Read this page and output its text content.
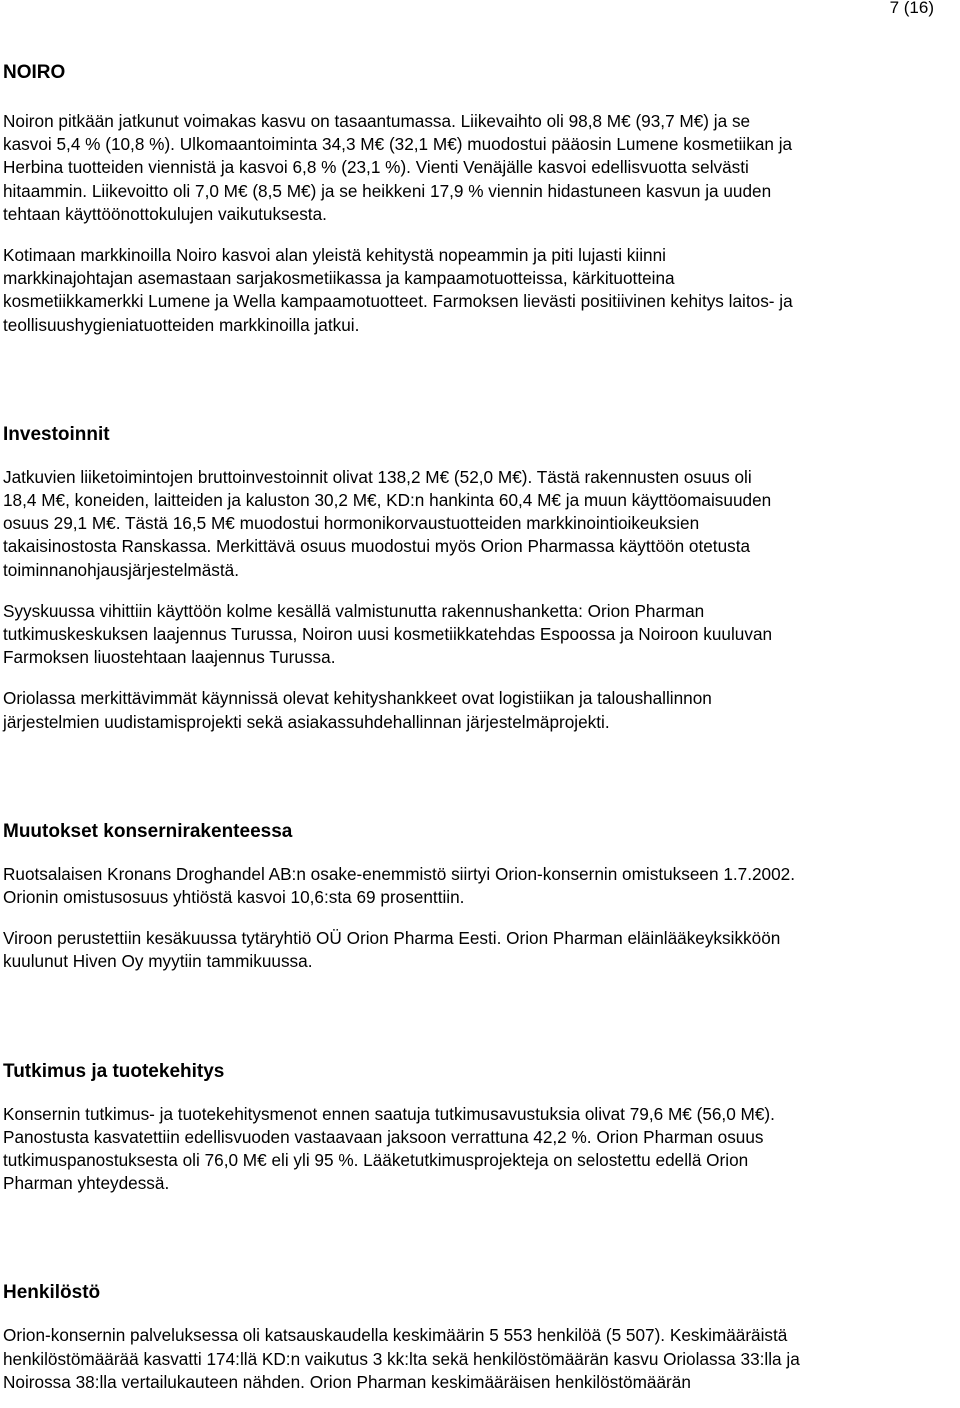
7 (16)
NOIRO

Noiron pitkään jatkunut voimakas kasvu on tasaantumassa. Liikevaihto oli 98,8 M€ (93,7 M€) ja se
kasvoi 5,4 % (10,8 %). Ulkomaantoiminta 34,3 M€ (32,1 M€) muodostui pääosin Lumene kosmetiikan ja
Herbina tuotteiden viennistä ja kasvoi 6,8 % (23,1 %). Vienti Venäjälle kasvoi edellisvuotta selvästi
hitaammin. Liikevoitto oli 7,0 M€ (8,5 M€) ja se heikkeni 17,9 % viennin hidastuneen kasvun ja uuden
tehtaan käyttöönottokulujen vaikutuksesta.

Kotimaan markkinoilla Noiro kasvoi alan yleistä kehitystä nopeammin ja piti lujasti kiinni
markkinajohtajan asemastaan sarjakosmetiikassa ja kampaamotuotteissa, kärkituotteina
kosmetiikkamerkki Lumene ja Wella kampaamotuotteet. Farmoksen lievästi positiivinen kehitys laitos- ja
teollisuushygieniatuotteiden markkinoilla jatkui.

Investoinnit

Jatkuvien liiketoimintojen bruttoinvestoinnit olivat 138,2 M€ (52,0 M€). Tästä rakennusten osuus oli
18,4 M€, koneiden, laitteiden ja kaluston 30,2 M€, KD:n hankinta 60,4 M€ ja muun käyttöomaisuuden
osuus 29,1 M€. Tästä 16,5 M€ muodostui hormonikorvaustuotteiden markkinointioikeuksien
takaisinostosta Ranskassa. Merkittävä osuus muodostui myös Orion Pharmassa käyttöön otetusta
toiminnanohjausjärjestelmästä.

Syyskuussa vihittiin käyttöön kolme kesällä valmistunutta rakennushanketta: Orion Pharman
tutkimuskeskuksen laajennus Turussa, Noiron uusi kosmetiikkatehdas Espoossa ja Noiroon kuuluvan
Farmoksen liuostehtaan laajennus Turussa.

Oriolassa merkittävimmät käynnissä olevat kehityshankkeet ovat logistiikan ja taloushallinnon
järjestelmien uudistamisprojekti sekä asiakassuhdehallinnan järjestelmäprojekti.

Muutokset konsernirakenteessa

Ruotsalaisen Kronans Droghandel AB:n osake-enemmistö siirtyi Orion-konsernin omistukseen 1.7.2002.
Orionin omistusosuus yhtiöstä kasvoi 10,6:sta 69 prosenttiin.

Viroon perustettiin kesäkuussa tytäryhtiö OÜ Orion Pharma Eesti. Orion Pharman eläinlääkeyksikköön
kuulunut Hiven Oy myytiin tammikuussa.

Tutkimus ja tuotekehitys

Konsernin tutkimus- ja tuotekehitysmenot ennen saatuja tutkimusavustuksia olivat 79,6 M€ (56,0 M€).
Panostusta kasvatettiin edellisvuoden vastaavaan jaksoon verrattuna 42,2 %. Orion Pharman osuus
tutkimuspanostuksesta oli 76,0 M€ eli yli 95 %. Lääketutkimusprojekteja on selostettu edellä Orion
Pharman yhteydessä.

Henkilöstö

Orion-konsernin palveluksessa oli katsauskaudella keskimäärin 5 553 henkilöä (5 507). Keskimääräistä
henkilöstömäärää kasvatti 174:llä KD:n vaikutus 3 kk:lta sekä henkilöstömäärän kasvu Oriolassa 33:lla ja
Noirossa 38:lla vertailukauteen nähden. Orion Pharman keskimääräisen henkilöstömäärän
